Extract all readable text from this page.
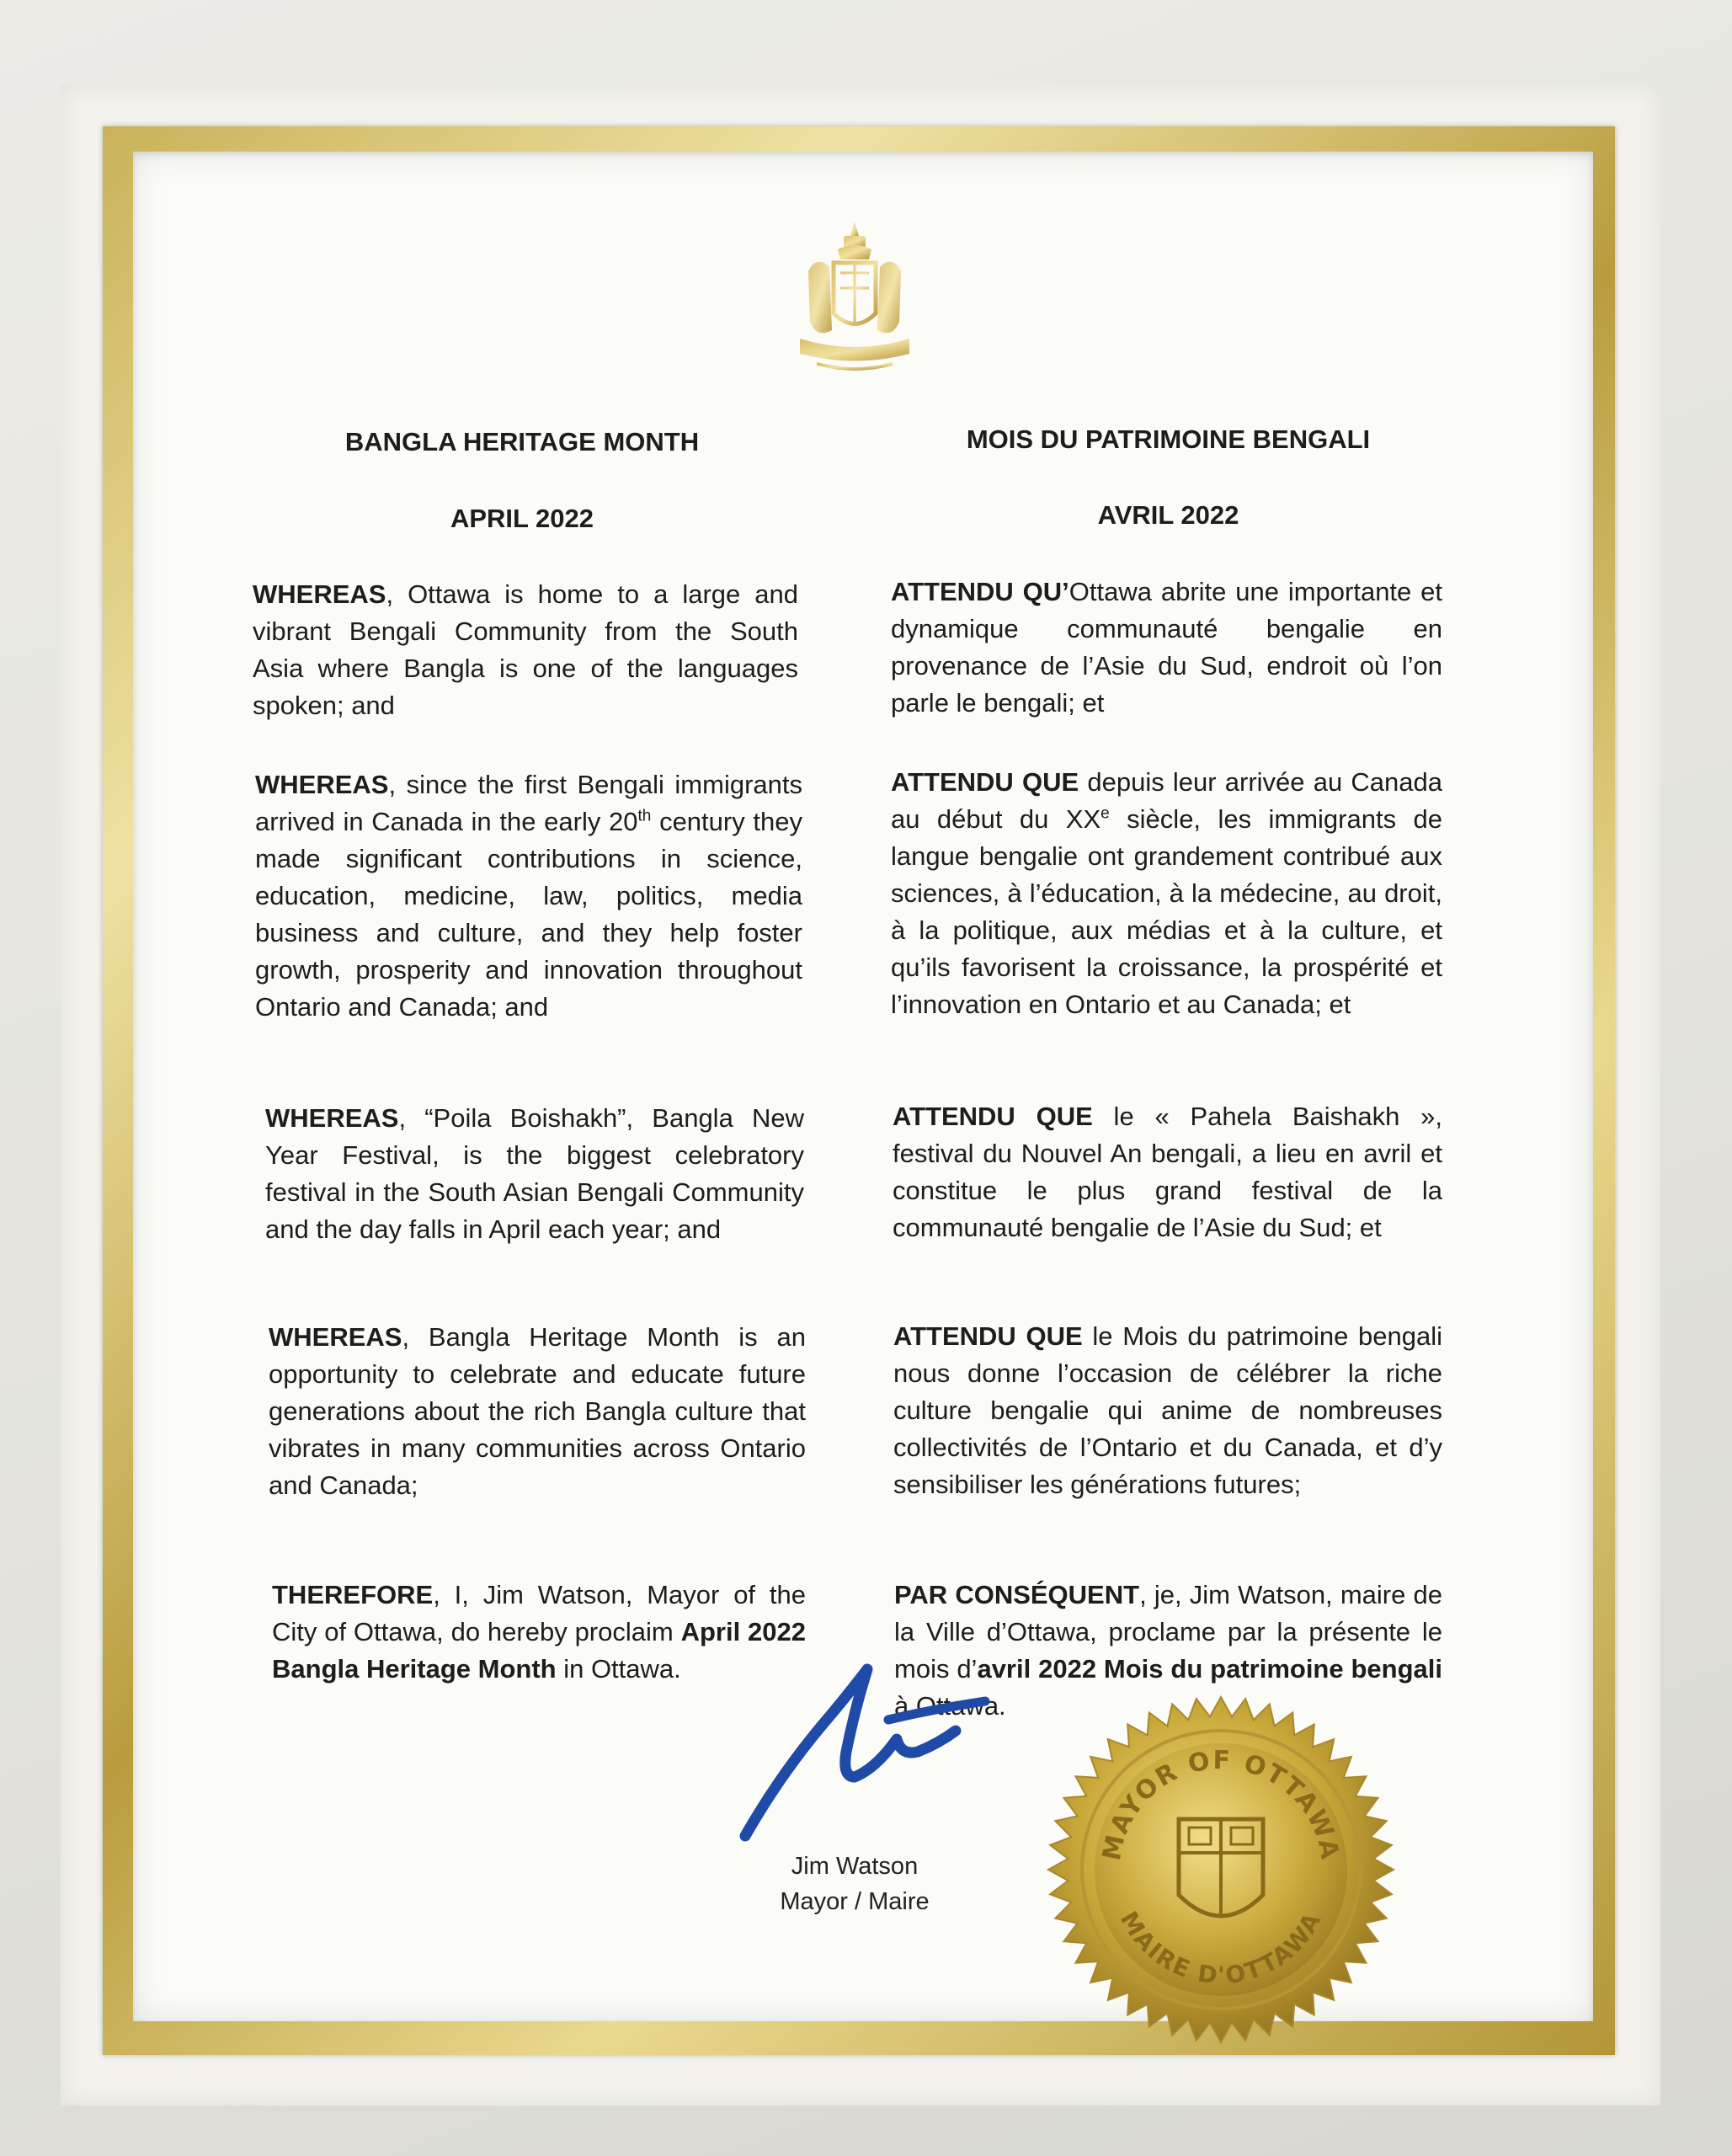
BANGLA HERITAGE MONTH
APRIL 2022
WHEREAS, Ottawa is home to a large and vibrant Bengali Community from the South Asia where Bangla is one of the languages spoken; and
WHEREAS, since the first Bengali immigrants arrived in Canada in the early 20th century they made significant contributions in science, education, medicine, law, politics, media business and culture, and they help foster growth, prosperity and innovation throughout Ontario and Canada; and
WHEREAS, “Poila Boishakh”, Bangla New Year Festival, is the biggest celebratory festival in the South Asian Bengali Community and the day falls in April each year; and
WHEREAS, Bangla Heritage Month is an opportunity to celebrate and educate future generations about the rich Bangla culture that vibrates in many communities across Ontario and Canada;
THEREFORE, I, Jim Watson, Mayor of the City of Ottawa, do hereby proclaim April 2022 Bangla Heritage Month in Ottawa.
MOIS DU PATRIMOINE BENGALI
AVRIL 2022
ATTENDU QU’Ottawa abrite une importante et dynamique communauté bengalie en provenance de l’Asie du Sud, endroit où l’on parle le bengali; et
ATTENDU QUE depuis leur arrivée au Canada au début du XXe siècle, les immigrants de langue bengalie ont grandement contribué aux sciences, à l’éducation, à la médecine, au droit, à la politique, aux médias et à la culture, et qu’ils favorisent la croissance, la prospérité et l’innovation en Ontario et au Canada; et
ATTENDU QUE le « Pahela Baishakh », festival du Nouvel An bengali, a lieu en avril et constitue le plus grand festival de la communauté bengalie de l’Asie du Sud; et
ATTENDU QUE le Mois du patrimoine bengali nous donne l’occasion de célébrer la riche culture bengalie qui anime de nombreuses collectivités de l’Ontario et du Canada, et d’y sensibiliser les générations futures;
PAR CONSÉQUENT, je, Jim Watson, maire de la Ville d’Ottawa, proclame par la présente le mois d’avril 2022 Mois du patrimoine bengali à Ottawa.
Jim Watson
Mayor / Maire
MAYOR OF OTTAWA
MAIRE D'OTTAWA
